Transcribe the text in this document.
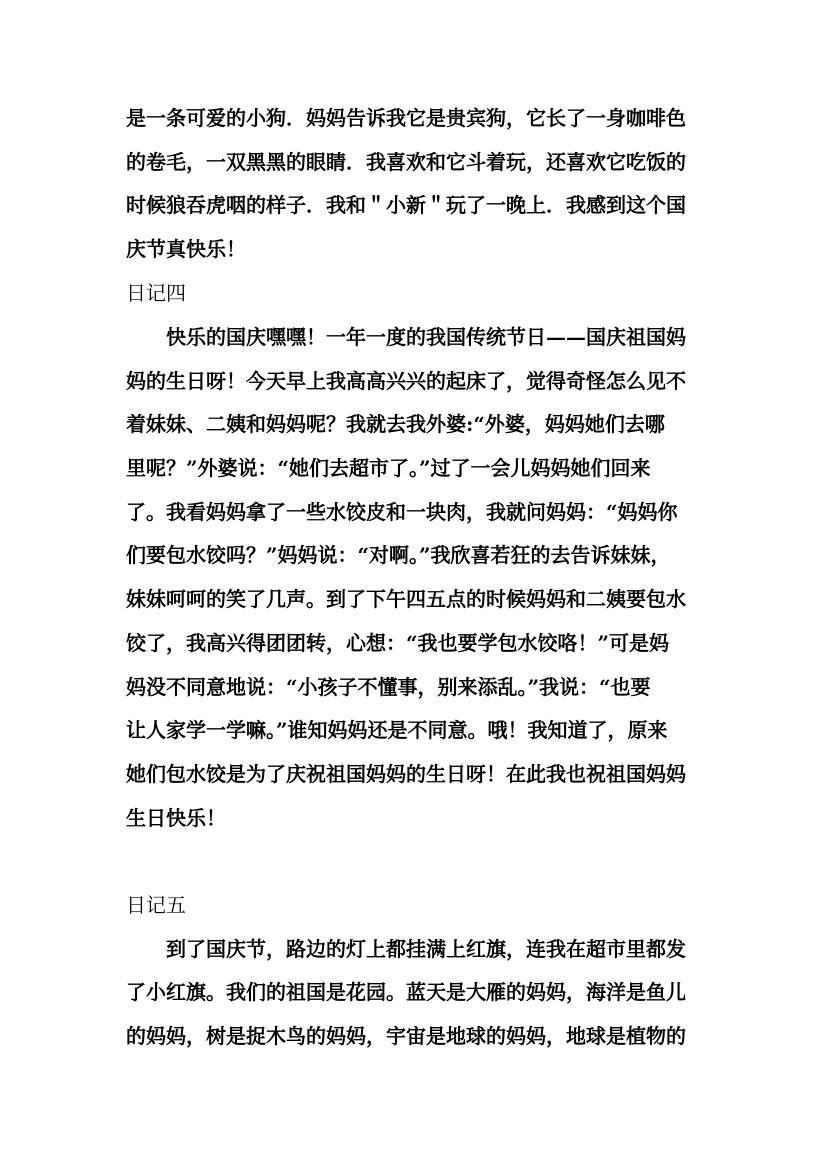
是一条可爱的小狗．妈妈告诉我它是贵宾狗，它长了一身咖啡色
的卷毛，一双黑黑的眼睛．我喜欢和它斗着玩，还喜欢它吃饭的
时候狼吞虎咽的样子．我和＂小新＂玩了一晚上．我感到这个国
庆节真快乐！
日记四
快乐的国庆嘿嘿！一年一度的我国传统节日——国庆祖国妈
妈的生日呀！今天早上我高高兴兴的起床了，觉得奇怪怎么见不
着妹妹、二姨和妈妈呢？我就去我外婆:“外婆，妈妈她们去哪
里呢？”外婆说：“她们去超市了。”过了一会儿妈妈她们回来
了。我看妈妈拿了一些水饺皮和一块肉，我就问妈妈：“妈妈你
们要包水饺吗？”妈妈说：“对啊。”我欣喜若狂的去告诉妹妹，
妹妹呵呵的笑了几声。到了下午四五点的时候妈妈和二姨要包水
饺了，我高兴得团团转，心想：“我也要学包水饺咯！”可是妈
妈没不同意地说：“小孩子不懂事，别来添乱。”我说：“也要
让人家学一学嘛。”谁知妈妈还是不同意。哦！我知道了，原来
她们包水饺是为了庆祝祖国妈妈的生日呀！在此我也祝祖国妈妈
生日快乐！
日记五
到了国庆节，路边的灯上都挂满上红旗，连我在超市里都发
了小红旗。我们的祖国是花园。蓝天是大雁的妈妈，海洋是鱼儿
的妈妈，树是捉木鸟的妈妈，宇宙是地球的妈妈，地球是植物的
